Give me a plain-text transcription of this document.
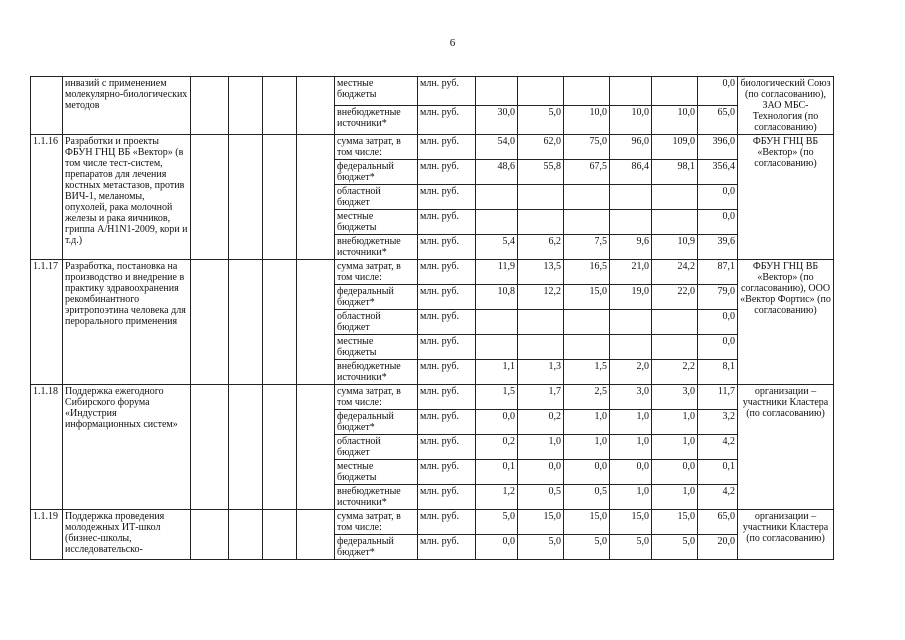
6
	инвазий с применением молекулярно-биологических методов					местные бюджеты	млн. руб.						0,0	биологический Союз (по согласованию), ЗАО МБС-Технология (по согласованию)
						внебюджетные источники*	млн. руб.	30,0	5,0	10,0	10,0	10,0	65,0	
1.1.16	Разработки и проекты ФБУН ГНЦ ВБ «Вектор» (в том числе тест-систем, препаратов для лечения костных метастазов, против ВИЧ-1, меланомы, опухолей, рака молочной железы и рака яичников, гриппа A/H1N1-2009, кори и т.д.)					сумма затрат, в том числе:	млн. руб.	54,0	62,0	75,0	96,0	109,0	396,0	ФБУН ГНЦ ВБ «Вектор» (по согласованию)
						федеральный бюджет*	млн. руб.	48,6	55,8	67,5	86,4	98,1	356,4	
						областной бюджет	млн. руб.						0,0	
						местные бюджеты	млн. руб.						0,0	
						внебюджетные источники*	млн. руб.	5,4	6,2	7,5	9,6	10,9	39,6	
1.1.17	Разработка, постановка на производство и внедрение в практику здравоохранения рекомбинантного эритропоэтина человека для перорального применения					сумма затрат, в том числе:	млн. руб.	11,9	13,5	16,5	21,0	24,2	87,1	ФБУН ГНЦ ВБ «Вектор» (по согласованию), ООО «Вектор Фортис» (по согласованию)
						федеральный бюджет*	млн. руб.	10,8	12,2	15,0	19,0	22,0	79,0	
						областной бюджет	млн. руб.						0,0	
						местные бюджеты	млн. руб.						0,0	
						внебюджетные источники*	млн. руб.	1,1	1,3	1,5	2,0	2,2	8,1	
1.1.18	Поддержка ежегодного Сибирского форума «Индустрия информационных систем»					сумма затрат, в том числе:	млн. руб.	1,5	1,7	2,5	3,0	3,0	11,7	организации – участники Кластера (по согласованию)
						федеральный бюджет*	млн. руб.	0,0	0,2	1,0	1,0	1,0	3,2	
						областной бюджет	млн. руб.	0,2	1,0	1,0	1,0	1,0	4,2	
						местные бюджеты	млн. руб.	0,1	0,0	0,0	0,0	0,0	0,1	
						внебюджетные источники*	млн. руб.	1,2	0,5	0,5	1,0	1,0	4,2	
1.1.19	Поддержка проведения молодежных ИТ-школ (бизнес-школы, исследовательско-					сумма затрат, в том числе:	млн. руб.	5,0	15,0	15,0	15,0	15,0	65,0	организации – участники Кластера (по согласованию)
						федеральный бюджет*	млн. руб.	0,0	5,0	5,0	5,0	5,0	20,0	
